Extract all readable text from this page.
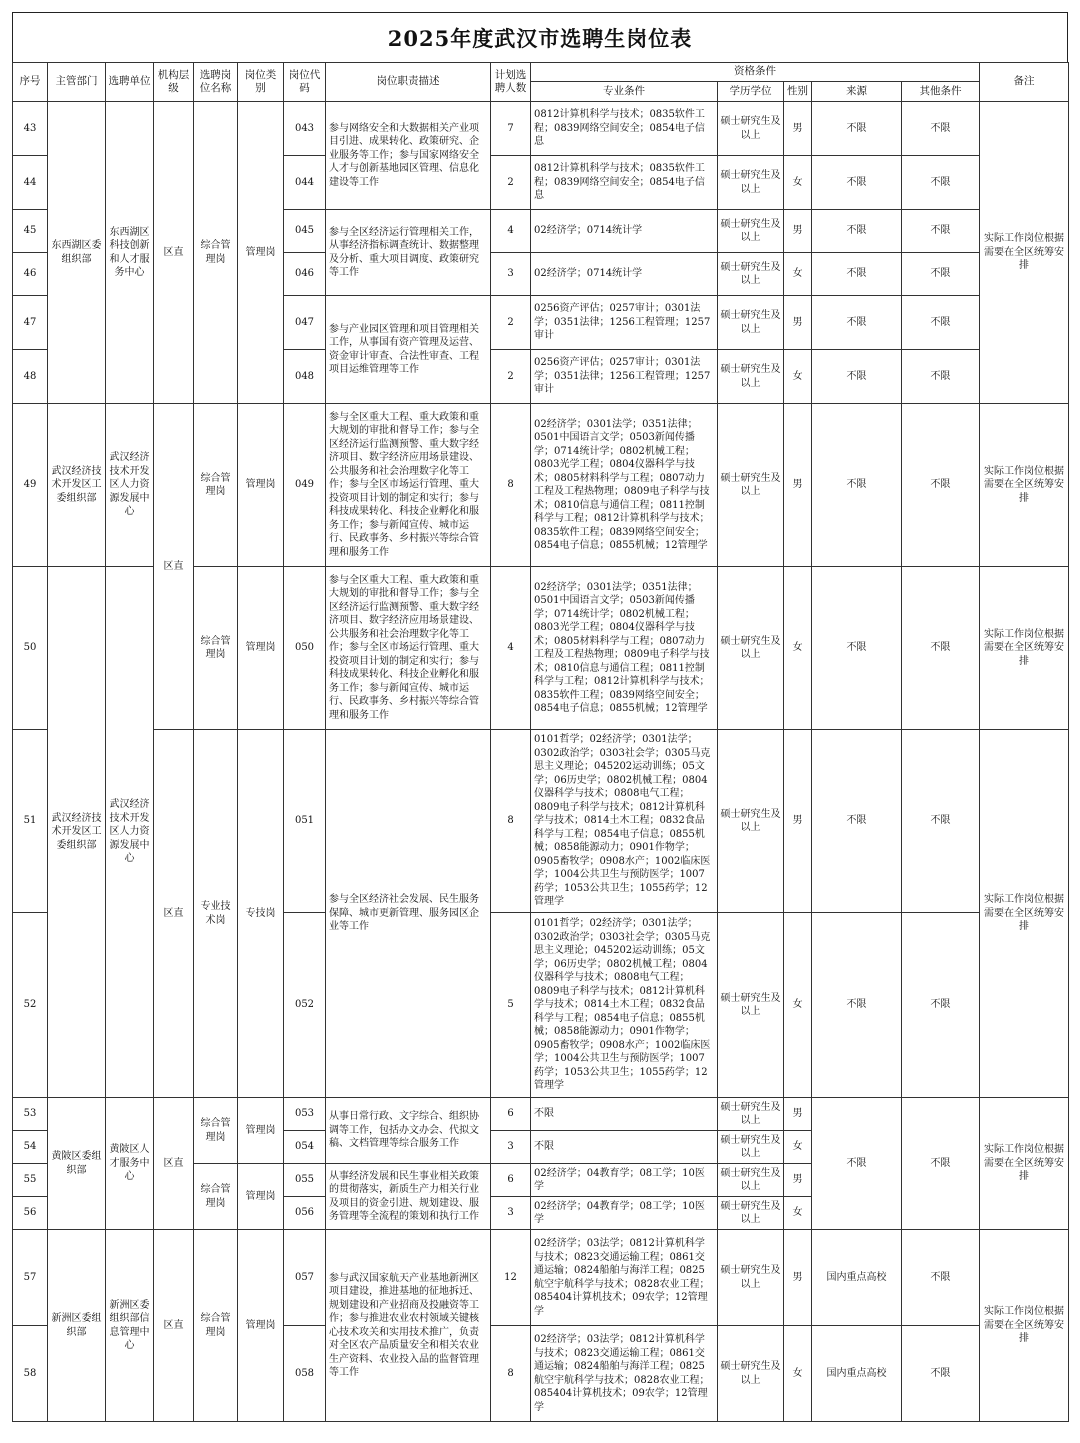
2025年度武汉市选聘生岗位表
序号	主管部门	选聘单位	机构层级	选聘岗位名称	岗位类别	岗位代码	岗位职责描述	计划选聘人数	资格条件					备注
									专业条件	学历学位	性别	来源	其他条件	
43	东西湖区委组织部	东西湖区科技创新和人才服务中心	区直	综合管理岗	管理岗	043	参与网络安全和大数据相关产业项目引进、成果转化、政策研究、企业服务等工作；参与国家网络安全人才与创新基地园区管理、信息化建设等工作	7	0812计算机科学与技术；0835软件工程；0839网络空间安全；0854电子信息	硕士研究生及以上	男	不限	不限	实际工作岗位根据需要在全区统筹安排
44						044		2	0812计算机科学与技术；0835软件工程；0839网络空间安全；0854电子信息	硕士研究生及以上	女	不限	不限	
45						045	参与全区经济运行管理相关工作，从事经济指标调查统计、数据整理及分析、重大项目调度、政策研究等工作	4	02经济学；0714统计学	硕士研究生及以上	男	不限	不限	
46						046		3	02经济学；0714统计学	硕士研究生及以上	女	不限	不限	
47						047	参与产业园区管理和项目管理相关工作，从事国有资产管理及运营、资金审计审查、合法性审查、工程项目运维管理等工作	2	0256资产评估；0257审计；0301法学；0351法律；1256工程管理；1257审计	硕士研究生及以上	男	不限	不限	
48						048		2	0256资产评估；0257审计；0301法学；0351法律；1256工程管理；1257审计	硕士研究生及以上	女	不限	不限	
49	武汉经济技术开发区工委组织部	武汉经济技术开发区人力资源发展中心	区直	综合管理岗	管理岗	049	参与全区重大工程、重大政策和重大规划的审批和督导工作；参与全区经济运行监测预警、重大数字经济项目、数字经济应用场景建设、公共服务和社会治理数字化等工作；参与全区市场运行管理、重大投资项目计划的制定和实行；参与科技成果转化、科技企业孵化和服务工作；参与新闻宣传、城市运行、民政事务、乡村振兴等综合管理和服务工作	8	02经济学；0301法学；0351法律；0501中国语言文学；0503新闻传播学；0714统计学；0802机械工程；0803光学工程；0804仪器科学与技术；0805材料科学与工程；0807动力工程及工程热物理；0809电子科学与技术；0810信息与通信工程；0811控制科学与工程；0812计算机科学与技术；0835软件工程；0839网络空间安全；0854电子信息；0855机械；12管理学	硕士研究生及以上	男	不限	不限	实际工作岗位根据需要在全区统筹安排
50	武汉经济技术开发区工委组织部	武汉经济技术开发区人力资源发展中心		综合管理岗	管理岗	050	参与全区重大工程、重大政策和重大规划的审批和督导工作；参与全区经济运行监测预警、重大数字经济项目、数字经济应用场景建设、公共服务和社会治理数字化等工作；参与全区市场运行管理、重大投资项目计划的制定和实行；参与科技成果转化、科技企业孵化和服务工作；参与新闻宣传、城市运行、民政事务、乡村振兴等综合管理和服务工作	4	02经济学；0301法学；0351法律；0501中国语言文学；0503新闻传播学；0714统计学；0802机械工程；0803光学工程；0804仪器科学与技术；0805材料科学与工程；0807动力工程及工程热物理；0809电子科学与技术；0810信息与通信工程；0811控制科学与工程；0812计算机科学与技术；0835软件工程；0839网络空间安全；0854电子信息；0855机械；12管理学	硕士研究生及以上	女	不限	不限	实际工作岗位根据需要在全区统筹安排
51			区直	专业技术岗	专技岗	051	参与全区经济社会发展、民生服务保障、城市更新管理、服务园区企业等工作	8	0101哲学；02经济学；0301法学；0302政治学；0303社会学；0305马克思主义理论；045202运动训练；05文学；06历史学；0802机械工程；0804仪器科学与技术；0808电气工程；0809电子科学与技术；0812计算机科学与技术；0814土木工程；0832食品科学与工程；0854电子信息；0855机械；0858能源动力；0901作物学；0905畜牧学；0908水产；1002临床医学；1004公共卫生与预防医学；1007药学；1053公共卫生；1055药学；12管理学	硕士研究生及以上	男	不限	不限	实际工作岗位根据需要在全区统筹安排
52						052		5	0101哲学；02经济学；0301法学；0302政治学；0303社会学；0305马克思主义理论；045202运动训练；05文学；06历史学；0802机械工程；0804仪器科学与技术；0808电气工程；0809电子科学与技术；0812计算机科学与技术；0814土木工程；0832食品科学与工程；0854电子信息；0855机械；0858能源动力；0901作物学；0905畜牧学；0908水产；1002临床医学；1004公共卫生与预防医学；1007药学；1053公共卫生；1055药学；12管理学	硕士研究生及以上	女	不限	不限	
53	黄陂区委组织部	黄陂区人才服务中心	区直	综合管理岗	管理岗	053	从事日常行政、文字综合、组织协调等工作，包括办文办会、代拟文稿、文档管理等综合服务工作	6	不限	硕士研究生及以上	男	不限	不限	实际工作岗位根据需要在全区统筹安排
54						054		3	不限	硕士研究生及以上	女			
55				综合管理岗	管理岗	055	从事经济发展和民生事业相关政策的贯彻落实，新质生产力相关行业及项目的资金引进、规划建设、服务管理等全流程的策划和执行工作	6	02经济学；04教育学；08工学；10医学	硕士研究生及以上	男			
56						056		3	02经济学；04教育学；08工学；10医学	硕士研究生及以上	女			
57	新洲区委组织部	新洲区委组织部信息管理中心	区直	综合管理岗	管理岗	057	参与武汉国家航天产业基地新洲区项目建设，推进基地的征地拆迁、规划建设和产业招商及投融资等工作；参与推进农业农村领域关键核心技术攻关和实用技术推广，负责对全区农产品质量安全和相关农业生产资料、农业投入品的监督管理等工作	12	02经济学；03法学；0812计算机科学与技术；0823交通运输工程；0861交通运输；0824船舶与海洋工程；0825航空宇航科学与技术；0828农业工程；085404计算机技术；09农学；12管理学	硕士研究生及以上	男	国内重点高校	不限	实际工作岗位根据需要在全区统筹安排
58						058		8	02经济学；03法学；0812计算机科学与技术；0823交通运输工程；0861交通运输；0824船舶与海洋工程；0825航空宇航科学与技术；0828农业工程；085404计算机技术；09农学；12管理学	硕士研究生及以上	女	国内重点高校	不限	
